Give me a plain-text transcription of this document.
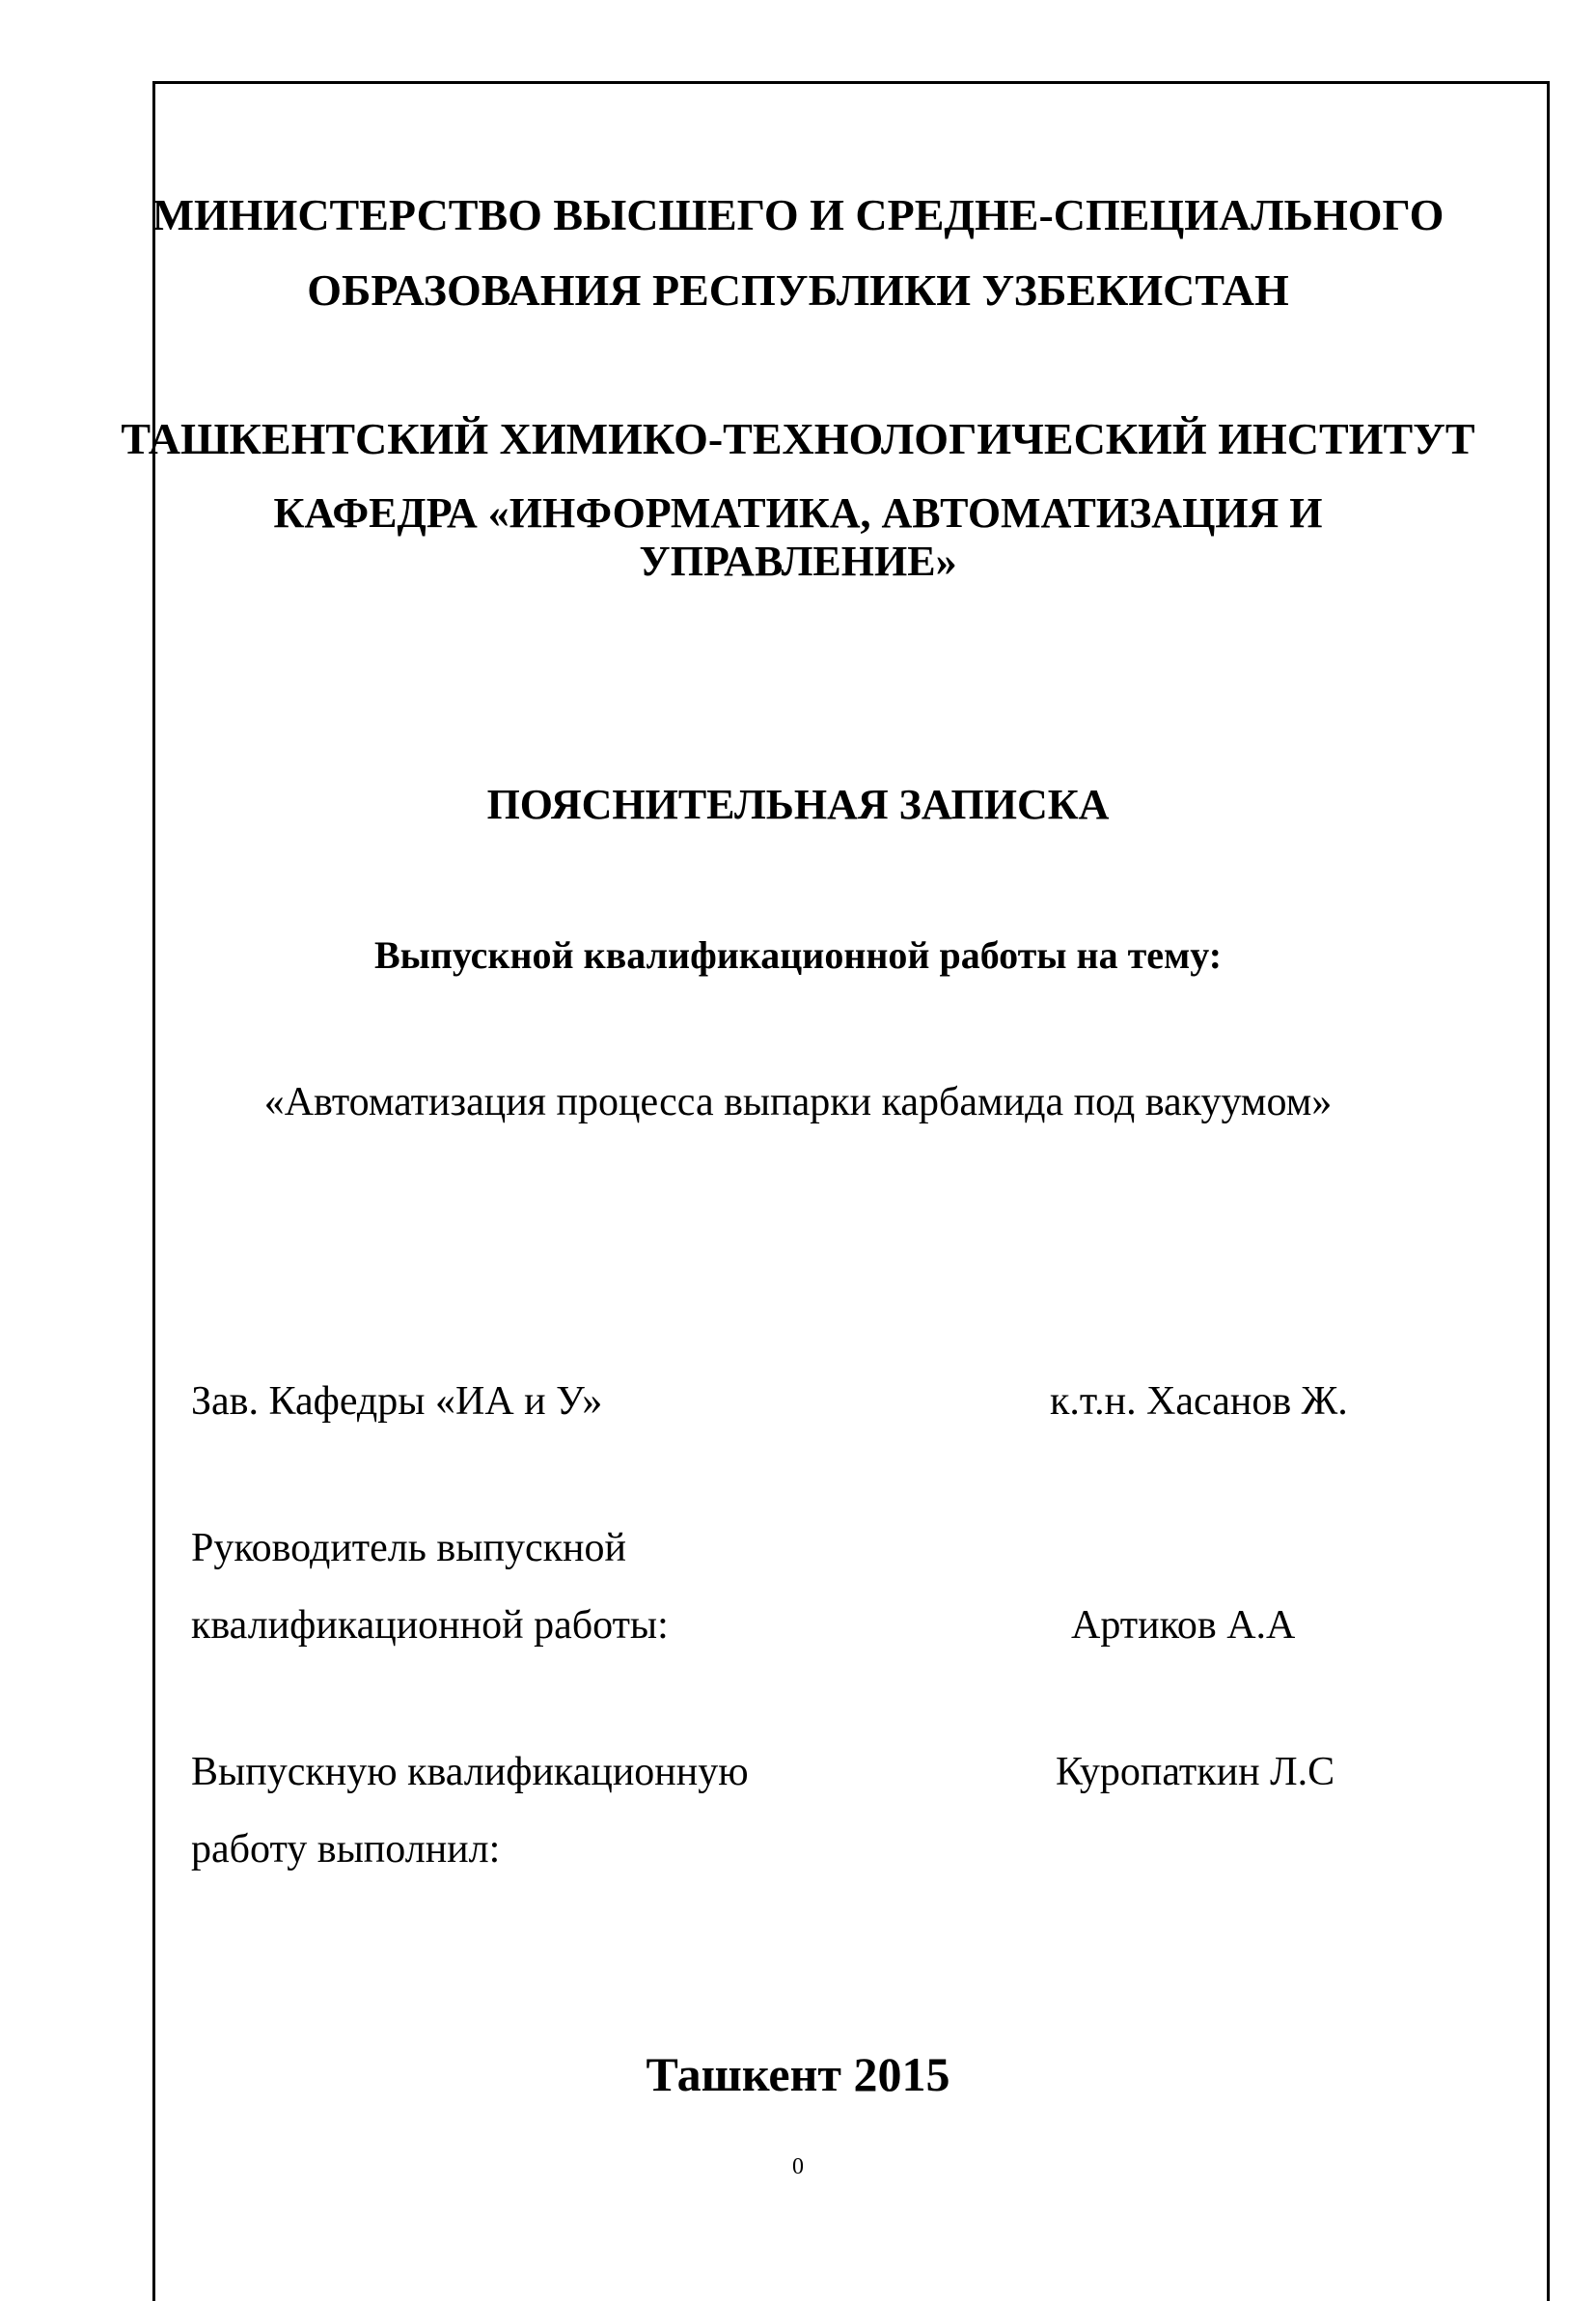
МИНИСТЕРСТВО ВЫСШЕГО И СРЕДНЕ-СПЕЦИАЛЬНОГО
ОБРАЗОВАНИЯ РЕСПУБЛИКИ УЗБЕКИСТАН
ТАШКЕНТСКИЙ ХИМИКО-ТЕХНОЛОГИЧЕСКИЙ ИНСТИТУТ
КАФЕДРА «ИНФОРМАТИКА, АВТОМАТИЗАЦИЯ И
УПРАВЛЕНИЕ»
ПОЯСНИТЕЛЬНАЯ ЗАПИСКА
Выпускной квалификационной работы на тему:
«Автоматизация процесса выпарки карбамида под вакуумом»
Зав. Кафедры «ИА и У»	к.т.н. Хасанов Ж.
Руководитель выпускной
квалификационной работы:	Артиков А.А
Выпускную квалификационную	Куропаткин Л.С
работу выполнил:
Ташкент 2015
0
